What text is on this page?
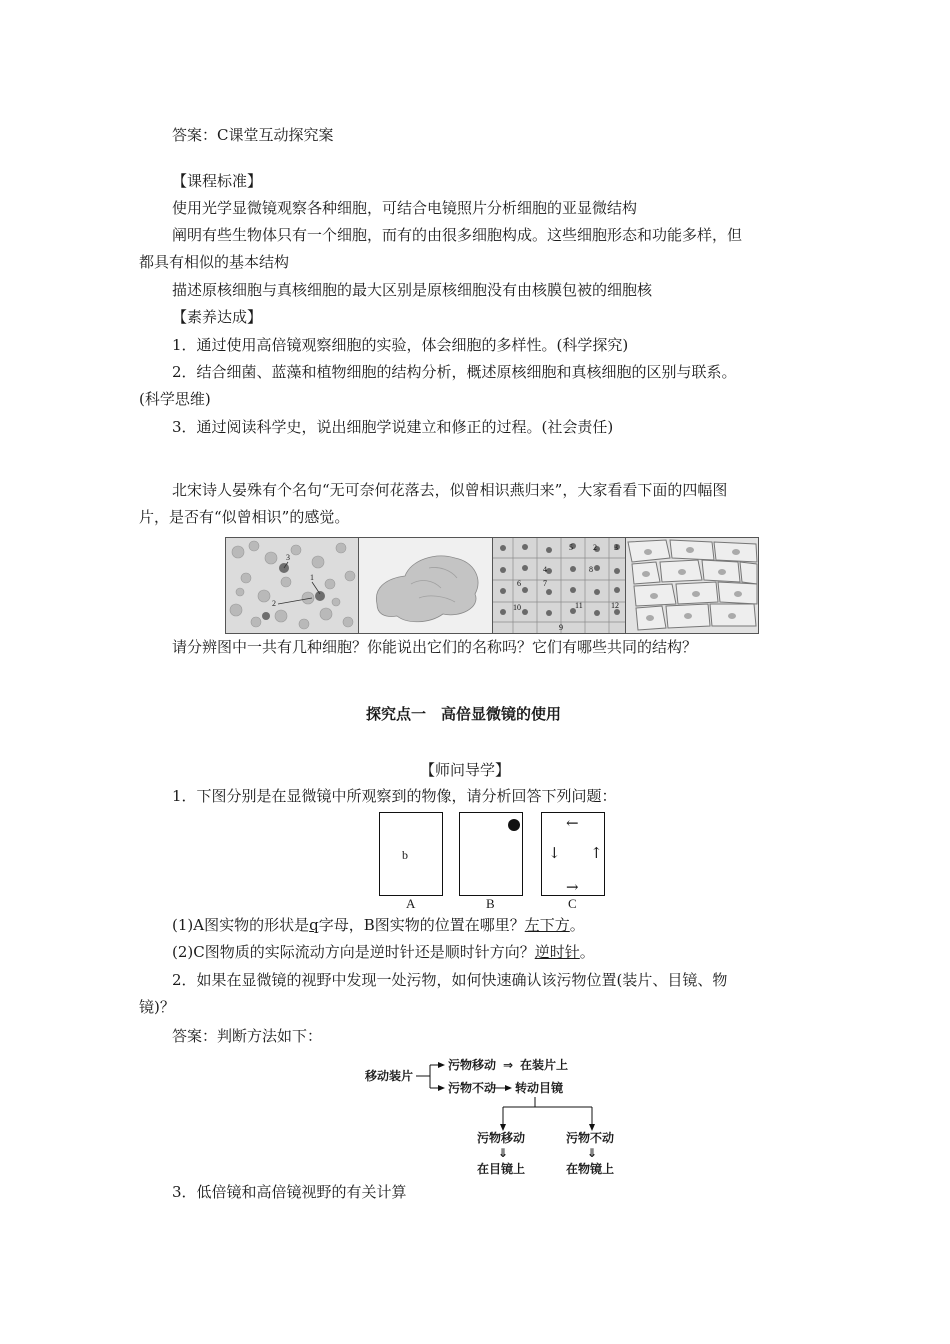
答案：C课堂互动探究案
【课程标准】
使用光学显微镜观察各种细胞，可结合电镜照片分析细胞的亚显微结构
阐明有些生物体只有一个细胞，而有的由很多细胞构成。这些细胞形态和功能多样，但
都具有相似的基本结构
描述原核细胞与真核细胞的最大区别是原核细胞没有由核膜包被的细胞核
【素养达成】
1．通过使用高倍镜观察细胞的实验，体会细胞的多样性。(科学探究)
2．结合细菌、蓝藻和植物细胞的结构分析，概述原核细胞和真核细胞的区别与联系。
(科学思维)
3．通过阅读科学史，说出细胞学说建立和修正的过程。(社会责任)
北宋诗人晏殊有个名句“无可奈何花落去，似曾相识燕归来”，大家看看下面的四幅图
片，是否有“似曾相识”的感觉。
3
1
2
5	2 3
8
4
6	7
10	11	12
9
请分辨图中一共有几种细胞？你能说出它们的名称吗？它们有哪些共同的结构？
探究点一　高倍显微镜的使用
【师问导学】
1．下图分别是在显微镜中所观察到的物像，请分析回答下列问题：
b
←
↓ ↑
→
A	B	C
(1)A图实物的形状是q字母，B图实物的位置在哪里？左下方。
(2)C图物质的实际流动方向是逆时针还是顺时针方向？逆时针。
2．如果在显微镜的视野中发现一处污物，如何快速确认该污物位置(装片、目镜、物
镜)？
答案：判断方法如下：
移动装片
污物移动 ⇒ 在装片上
污物不动 转动目镜
污物移动	污物不动
⇓	⇓
在目镜上	在物镜上
3．低倍镜和高倍镜视野的有关计算
